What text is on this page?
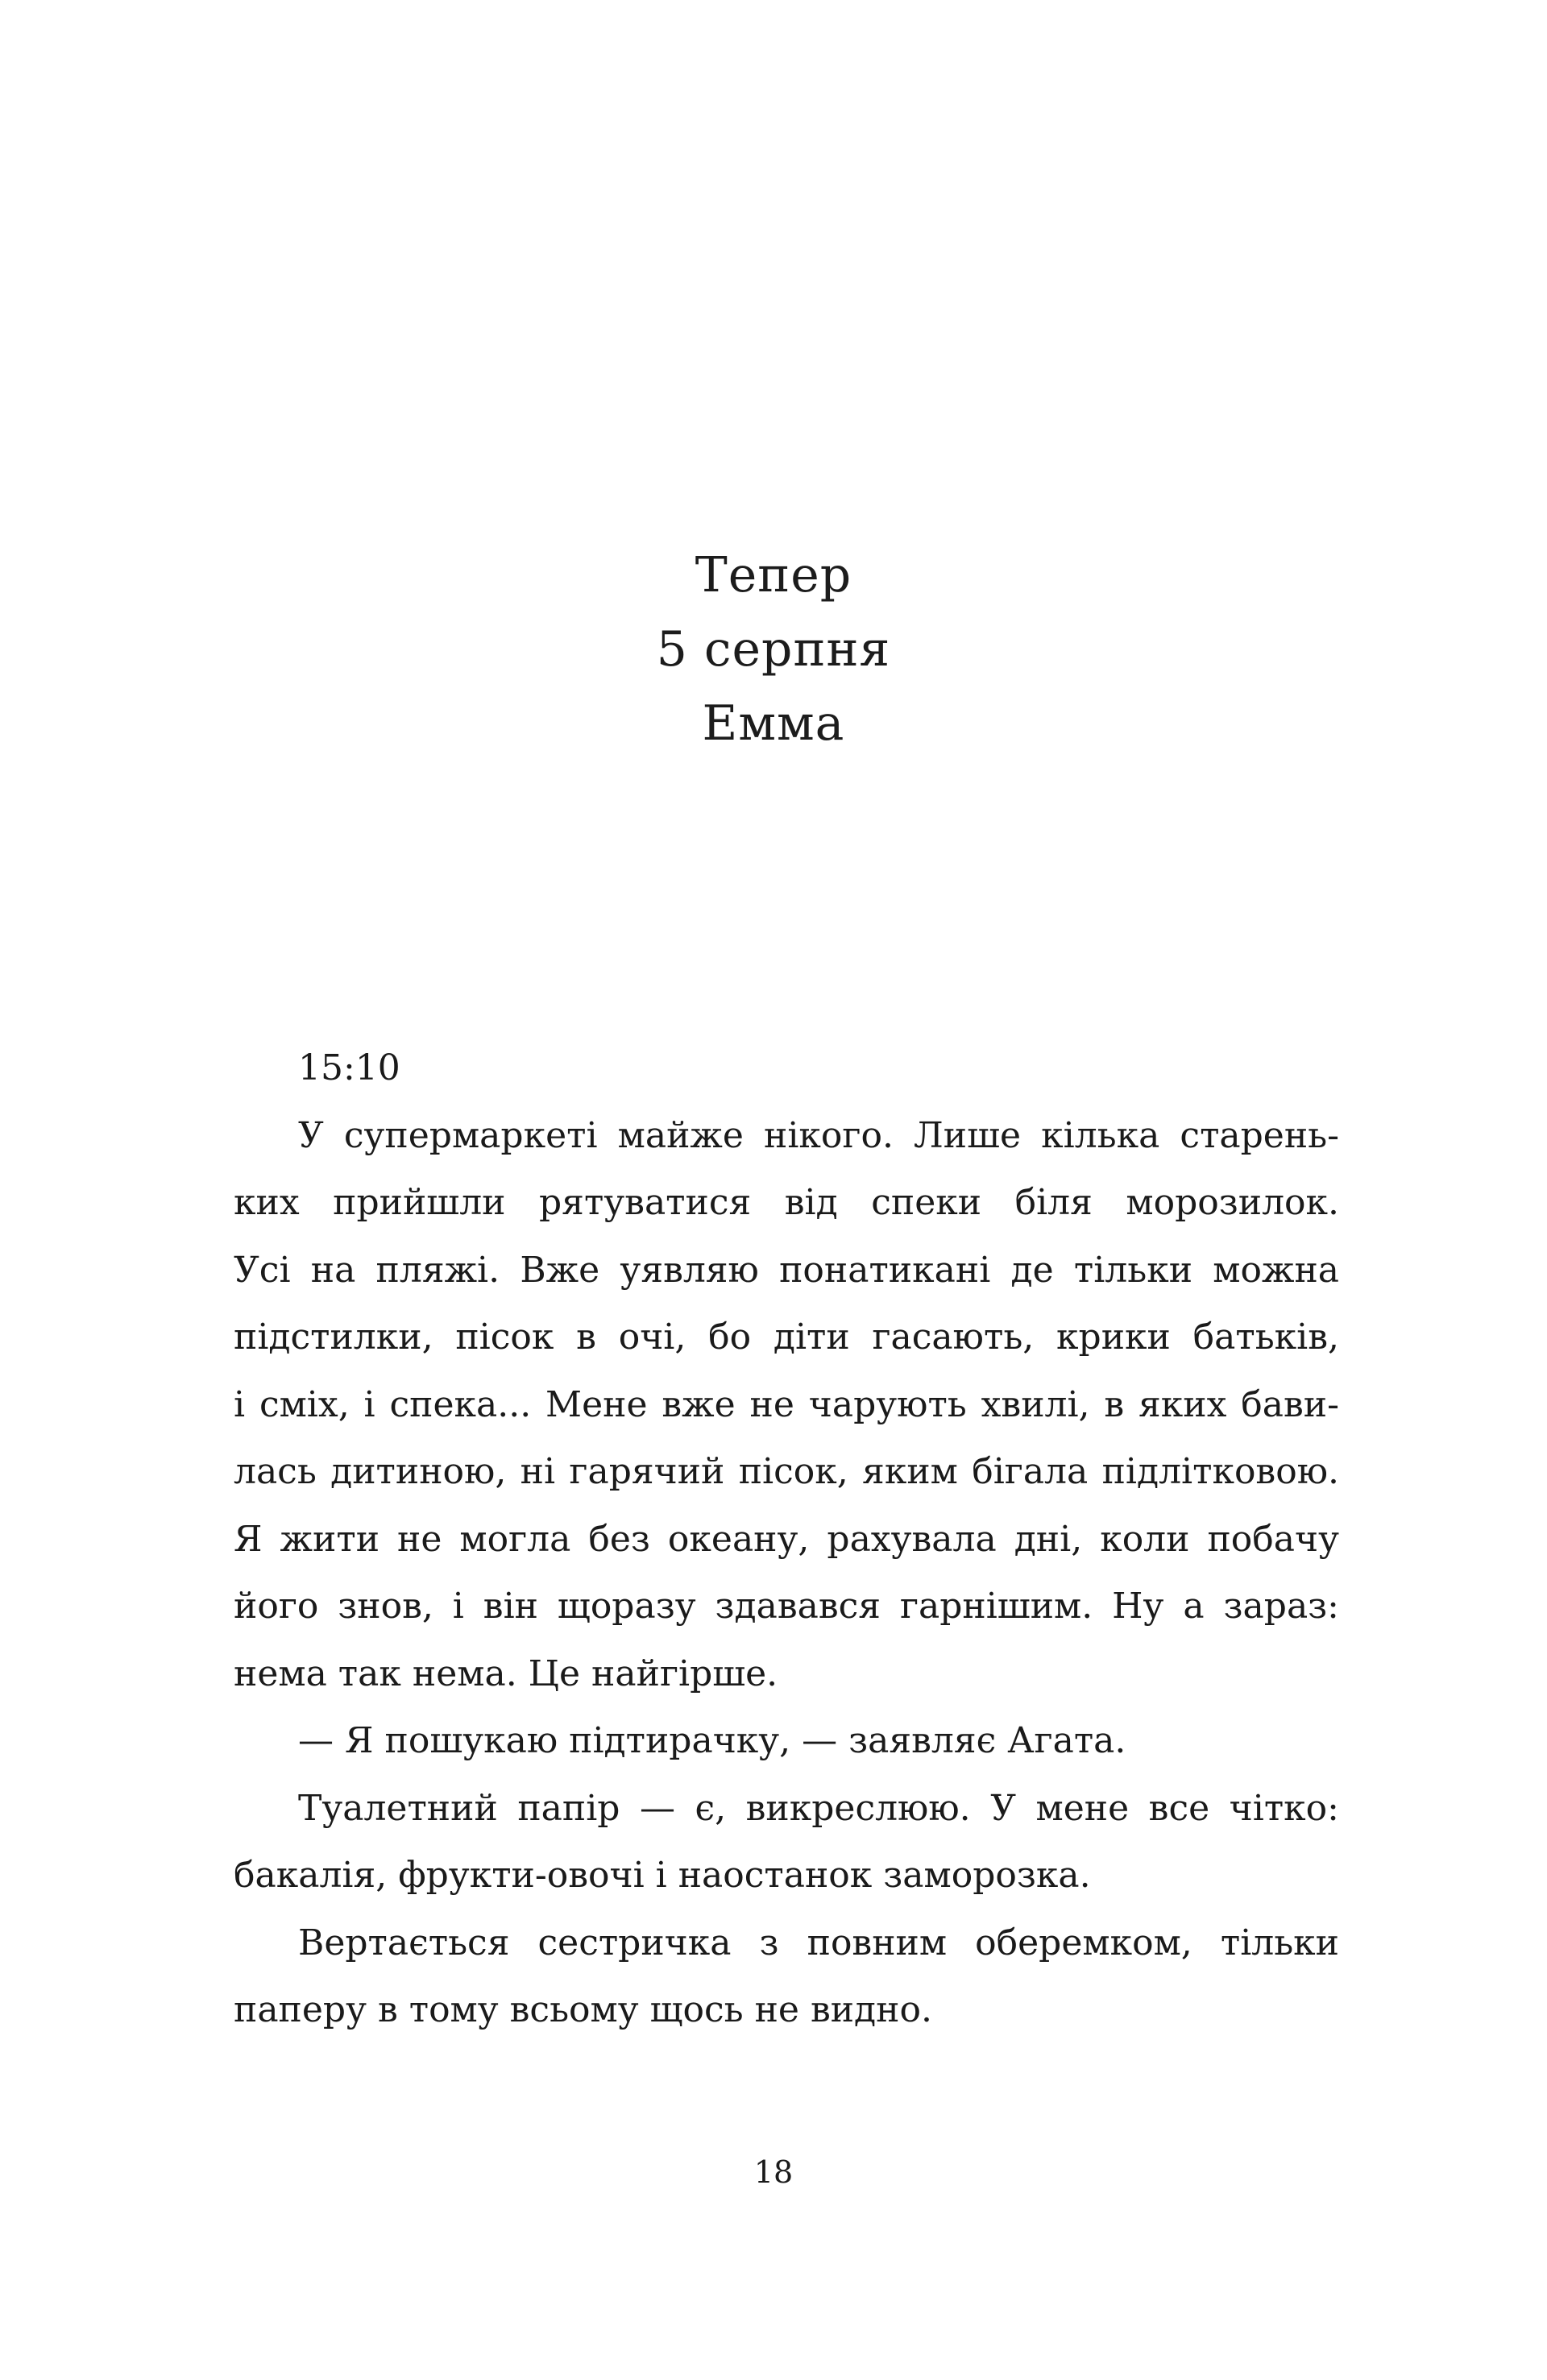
Тепер
5 серпня
Емма

15:10

У супермаркеті майже нікого. Лише кілька старень-
ких прийшли рятуватися від спеки біля морозилок.
Усі на пляжі. Вже уявляю понатикані де тільки можна
підстилки, пісок в очі, бо діти гасають, крики батьків,
і сміх, і спека... Мене вже не чарують хвилі, в яких бави-
лась дитиною, ні гарячий пісок, яким бігала підлітковою.
Я жити не могла без океану, рахувала дні, коли побачу
його знов, і він щоразу здавався гарнішим. Ну а зараз:
нема так нема. Це найгірше.

— Я пошукаю підтирачку, — заявляє Агата.

Туалетний папір — є, викреслюю. У мене все чітко:
бакалія, фрукти-овочі і наостанок заморозка.

Вертається сестричка з повним оберемком, тільки
паперу в тому всьому щось не видно.

18
